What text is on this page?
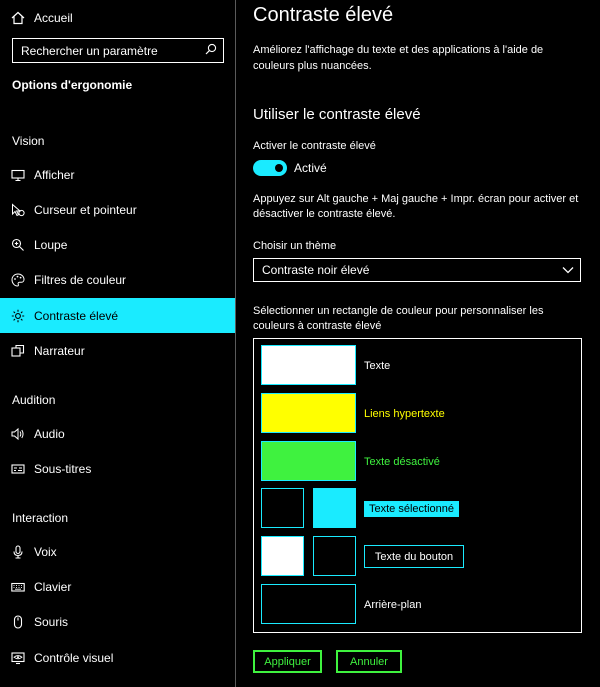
Accueil
Rechercher un paramètre
Options d'ergonomie
Vision
Afficher
Curseur et pointeur
Loupe
Filtres de couleur
Contraste élevé
Narrateur
Audition
Audio
Sous-titres
Interaction
Voix
Clavier
Souris
Contrôle visuel
Contraste élevé
Améliorez l'affichage du texte et des applications à l'aide de
couleurs plus nuancées.
Utiliser le contraste élevé
Activer le contraste élevé
Activé
Appuyez sur Alt gauche + Maj gauche + Impr. écran pour activer et
désactiver le contraste élevé.
Choisir un thème
Contraste noir élevé
Sélectionner un rectangle de couleur pour personnaliser les
couleurs à contraste élevé
Texte
Liens hypertexte
Texte désactivé
Texte sélectionné
Texte du bouton
Arrière-plan
Appliquer	Annuler
